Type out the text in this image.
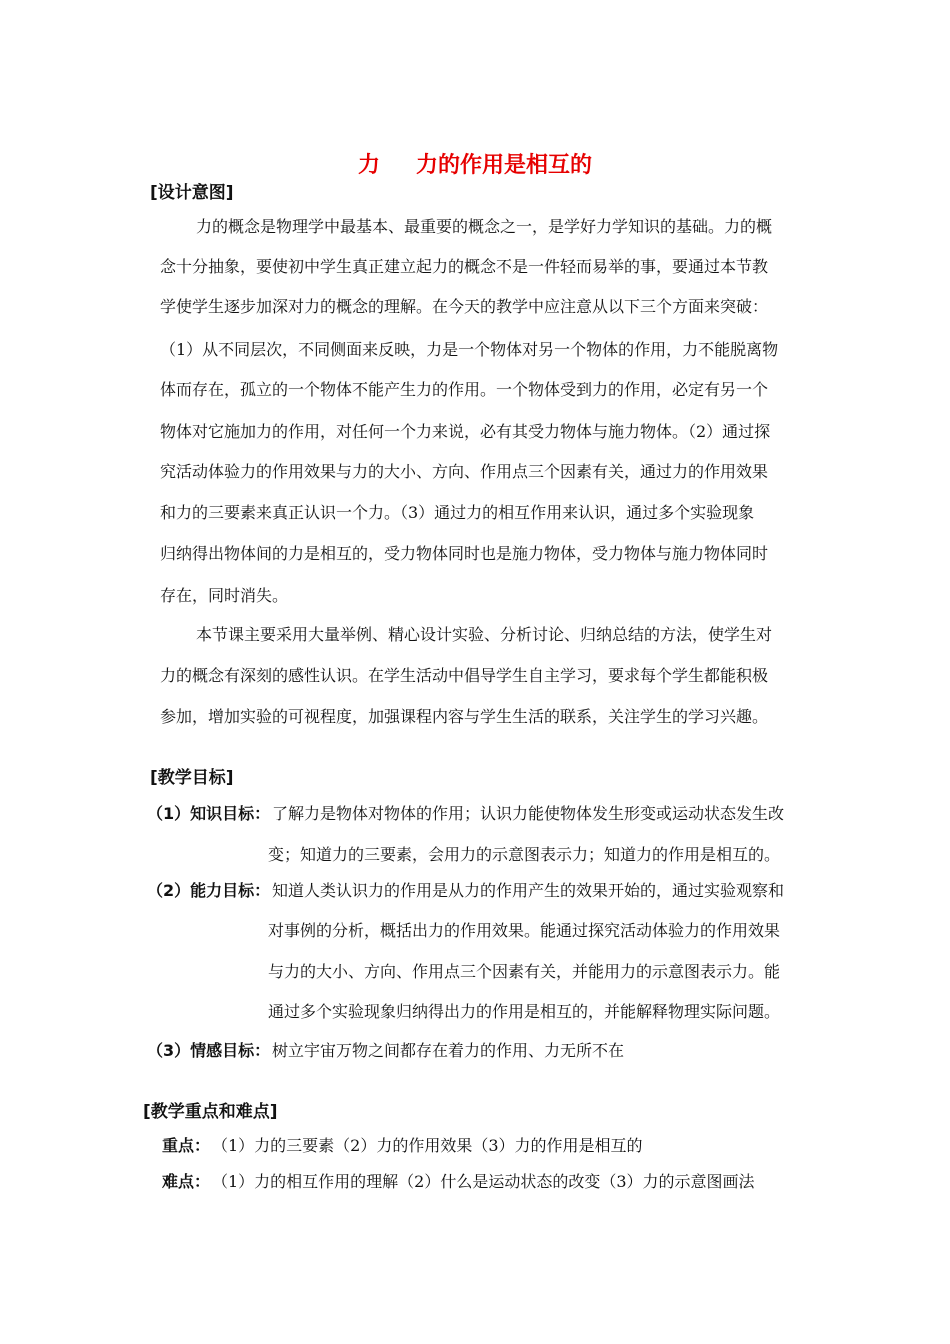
力 力的作用是相互的
[设计意图]
力的概念是物理学中最基本、最重要的概念之一，是学好力学知识的基础。力的概
念十分抽象，要使初中学生真正建立起力的概念不是一件轻而易举的事，要通过本节教
学使学生逐步加深对力的概念的理解。在今天的教学中应注意从以下三个方面来突破：
（1）从不同层次，不同侧面来反映，力是一个物体对另一个物体的作用，力不能脱离物
体而存在，孤立的一个物体不能产生力的作用。一个物体受到力的作用，必定有另一个
物体对它施加力的作用，对任何一个力来说，必有其受力物体与施力物体。（2）通过探
究活动体验力的作用效果与力的大小、方向、作用点三个因素有关，通过力的作用效果
和力的三要素来真正认识一个力。（3）通过力的相互作用来认识，通过多个实验现象
归纳得出物体间的力是相互的，受力物体同时也是施力物体，受力物体与施力物体同时
存在，同时消失。
本节课主要采用大量举例、精心设计实验、分析讨论、归纳总结的方法，使学生对
力的概念有深刻的感性认识。在学生活动中倡导学生自主学习，要求每个学生都能积极
参加，增加实验的可视程度，加强课程内容与学生生活的联系，关注学生的学习兴趣。
[教学目标]
（1）知识目标： 了解力是物体对物体的作用；认识力能使物体发生形变或运动状态发生改
变；知道力的三要素，会用力的示意图表示力；知道力的作用是相互的。
（2）能力目标： 知道人类认识力的作用是从力的作用产生的效果开始的，通过实验观察和
对事例的分析，概括出力的作用效果。能通过探究活动体验力的作用效果
与力的大小、方向、作用点三个因素有关，并能用力的示意图表示力。能
通过多个实验现象归纳得出力的作用是相互的，并能解释物理实际问题。
（3）情感目标： 树立宇宙万物之间都存在着力的作用、力无所不在
[教学重点和难点]
重点： （1）力的三要素（2）力的作用效果（3）力的作用是相互的
难点： （1）力的相互作用的理解（2）什么是运动状态的改变（3）力的示意图画法
